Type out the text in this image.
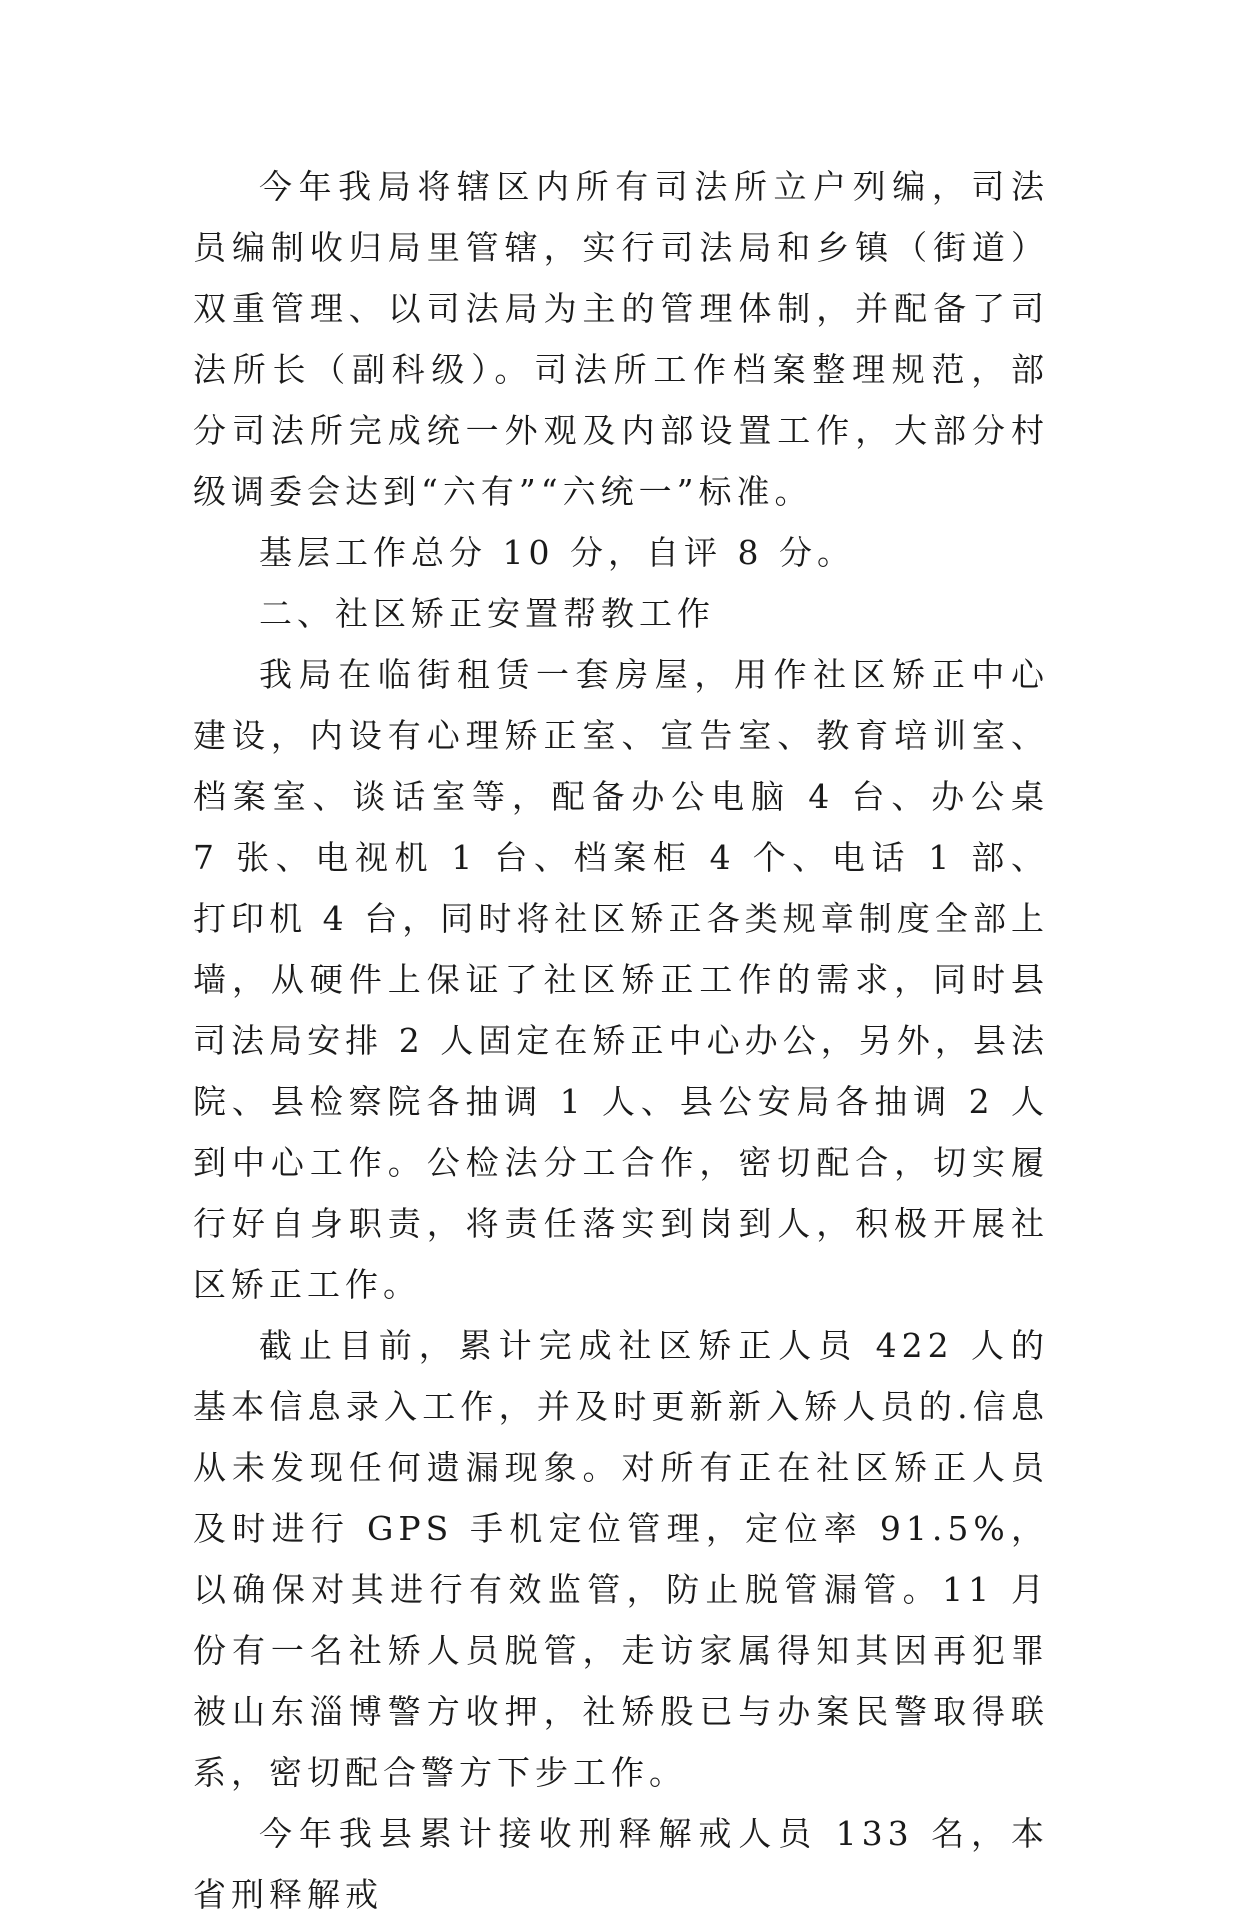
今年我局将辖区内所有司法所立户列编，司法员编制收归局里管辖，实行司法局和乡镇（街道）双重管理、以司法局为主的管理体制，并配备了司法所长（副科级）。司法所工作档案整理规范，部分司法所完成统一外观及内部设置工作，大部分村级调委会达到“六有”“六统一”标准。

基层工作总分 10 分，自评 8 分。

二、社区矫正安置帮教工作

我局在临街租赁一套房屋，用作社区矫正中心建设，内设有心理矫正室、宣告室、教育培训室、档案室、谈话室等，配备办公电脑 4 台、办公桌 7 张、电视机 1 台、档案柜 4 个、电话 1 部、打印机 4 台，同时将社区矫正各类规章制度全部上墙，从硬件上保证了社区矫正工作的需求，同时县司法局安排 2 人固定在矫正中心办公，另外，县法院、县检察院各抽调 1 人、县公安局各抽调 2 人到中心工作。公检法分工合作，密切配合，切实履行好自身职责，将责任落实到岗到人，积极开展社区矫正工作。

截止目前，累计完成社区矫正人员 422 人的基本信息录入工作，并及时更新新入矫人员的.信息从未发现任何遗漏现象。对所有正在社区矫正人员及时进行 GPS 手机定位管理，定位率 91.5%，以确保对其进行有效监管，防止脱管漏管。11 月份有一名社矫人员脱管，走访家属得知其因再犯罪被山东淄博警方收押，社矫股已与办案民警取得联系，密切配合警方下步工作。

今年我县累计接收刑释解戒人员 133 名，本省刑释解戒
